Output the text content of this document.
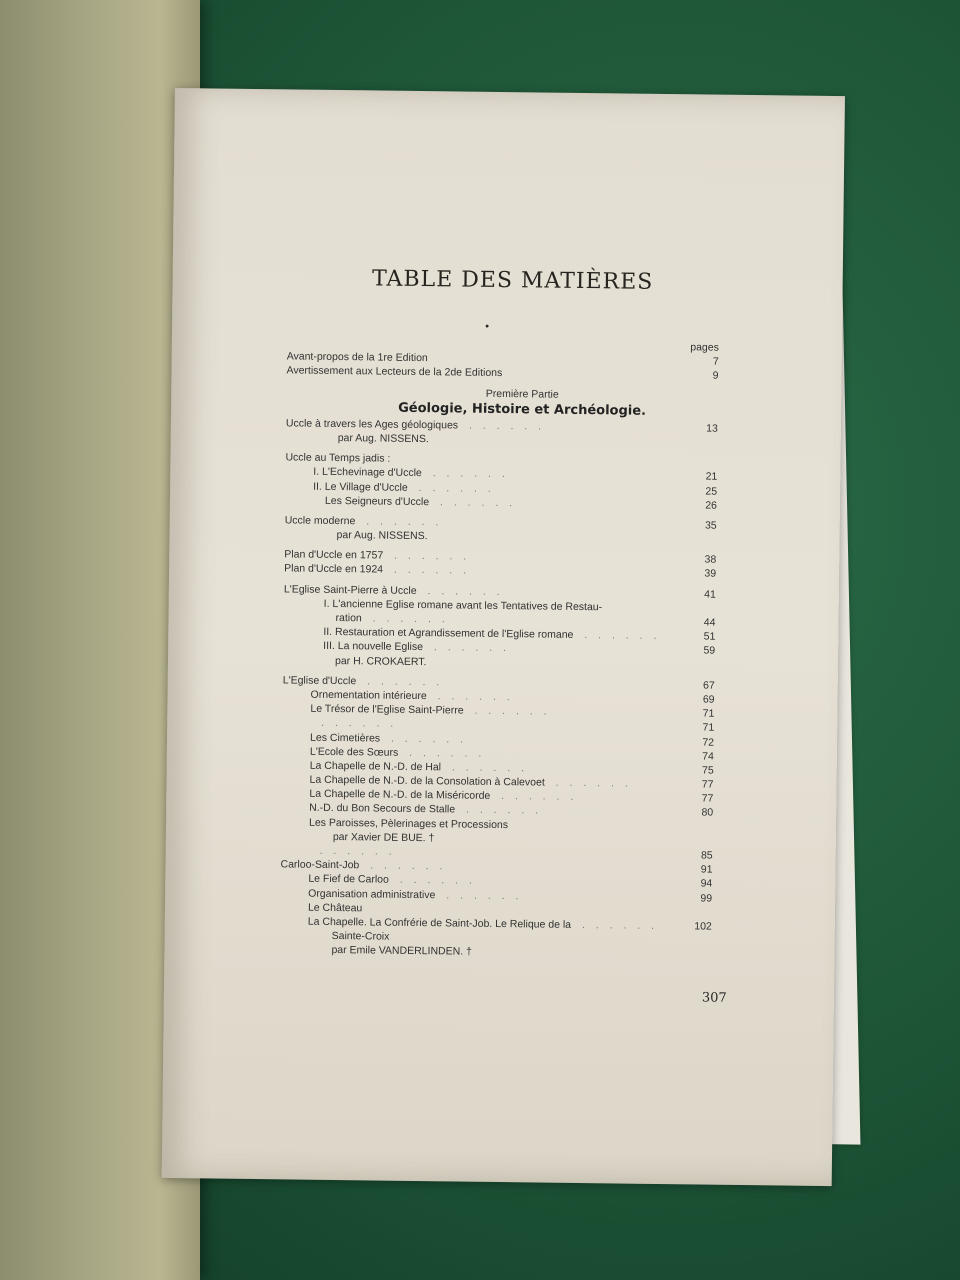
TABLE DES MATIÈRES
•
pages
Avant-propos de la 1re Edition	7
Avertissement aux Lecteurs de la 2de Editions	9
Première Partie
Géologie, Histoire et Archéologie.
Uccle à travers les Ages géologiques . . . . . .	13
par Aug. NISSENS.
Uccle au Temps jadis :
I. L'Echevinage d'Uccle . . . . . .	21
II. Le Village d'Uccle . . . . . .	25
Les Seigneurs d'Uccle . . . . . .	26
Uccle moderne . . . . . .	35
par Aug. NISSENS.
Plan d'Uccle en 1757 . . . . . .	38
Plan d'Uccle en 1924 . . . . . .	39
L'Eglise Saint-Pierre à Uccle . . . . . .	41
I. L'ancienne Eglise romane avant les Tentatives de Restau-
ration . . . . . .	44
II. Restauration et Agrandissement de l'Eglise romane . . . . . .	51
III. La nouvelle Eglise . . . . . .	59
par H. CROKAERT.
L'Eglise d'Uccle . . . . . .	67
Ornementation intérieure . . . . . .	69
Le Trésor de l'Eglise Saint-Pierre . . . . . .	71
. . . . . .	71
Les Cimetières . . . . . .	72
L'Ecole des Sœurs . . . . . .	74
La Chapelle de N.-D. de Hal . . . . . .	75
La Chapelle de N.-D. de la Consolation à Calevoet . . . . . .	77
La Chapelle de N.-D. de la Miséricorde . . . . . .	77
N.-D. du Bon Secours de Stalle . . . . . .	80
Les Paroisses, Pèlerinages et Processions
par Xavier DE BUE. †
. . . . . .	85
Carloo-Saint-Job . . . . . .	91
Le Fief de Carloo . . . . . .	94
Organisation administrative . . . . . .	99
Le Château
La Chapelle. La Confrérie de Saint-Job. Le Relique de la . . . . . .	102
Sainte-Croix
par Emile VANDERLINDEN. †
307
